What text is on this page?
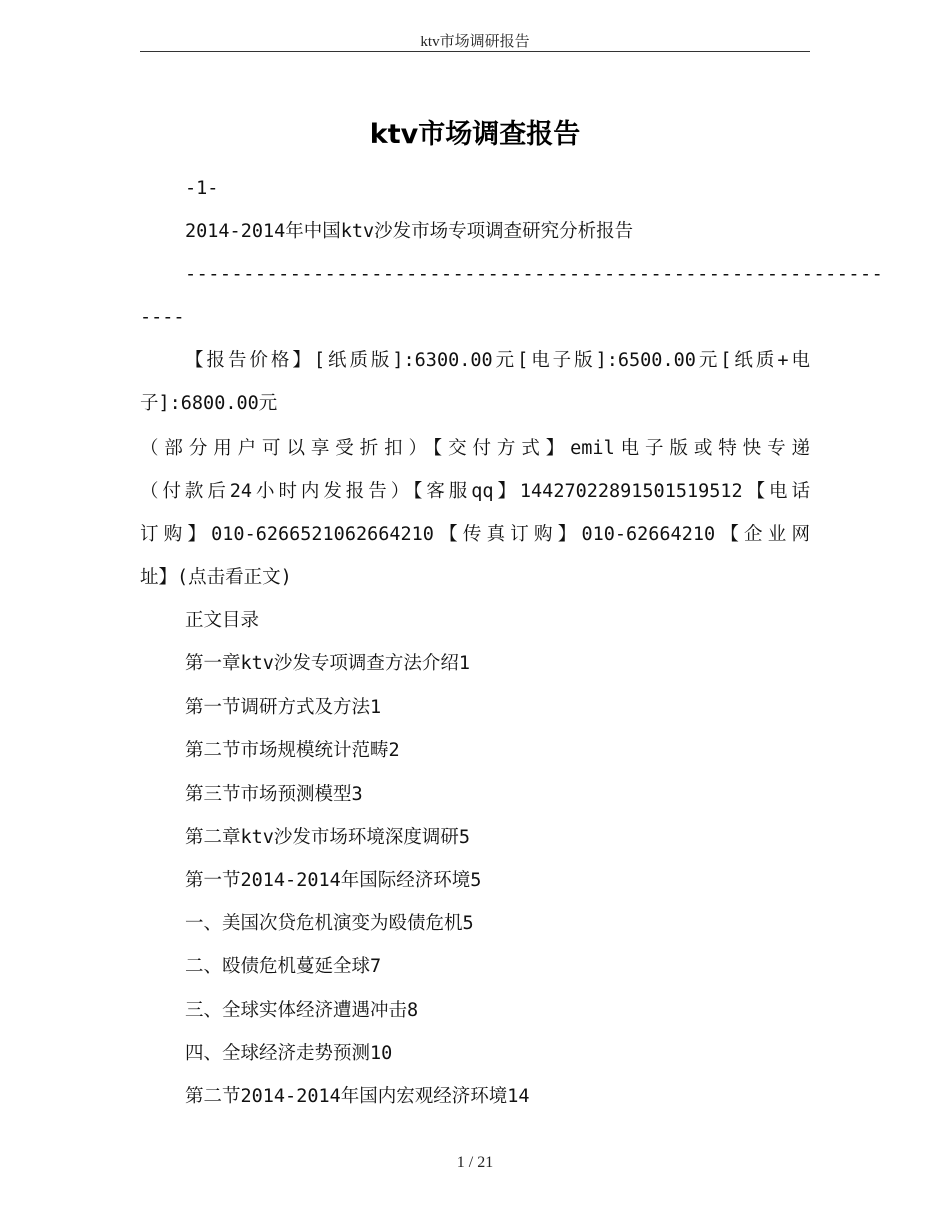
ktv市场调研报告
ktv市场调查报告
-1-
2014-2014年中国ktv沙发市场专项调查研究分析报告
------------------------------------------------------------
----
【报告价格】[纸质版]:6300.00元[电子版]:6500.00元[纸质+电
子]:6800.00元
（部分用户可以享受折扣）【交付方式】emil电子版或特快专递
（付款后24小时内发报告）【客服qq】14427022891501519512【电话
订购】010-6266521062664210【传真订购】010-62664210【企业网
址】(点击看正文)
正文目录
第一章ktv沙发专项调查方法介绍1
第一节调研方式及方法1
第二节市场规模统计范畴2
第三节市场预测模型3
第二章ktv沙发市场环境深度调研5
第一节2014-2014年国际经济环境5
一、美国次贷危机演变为殴债危机5
二、殴债危机蔓延全球7
三、全球实体经济遭遇冲击8
四、全球经济走势预测10
第二节2014-2014年国内宏观经济环境14
1 / 21
